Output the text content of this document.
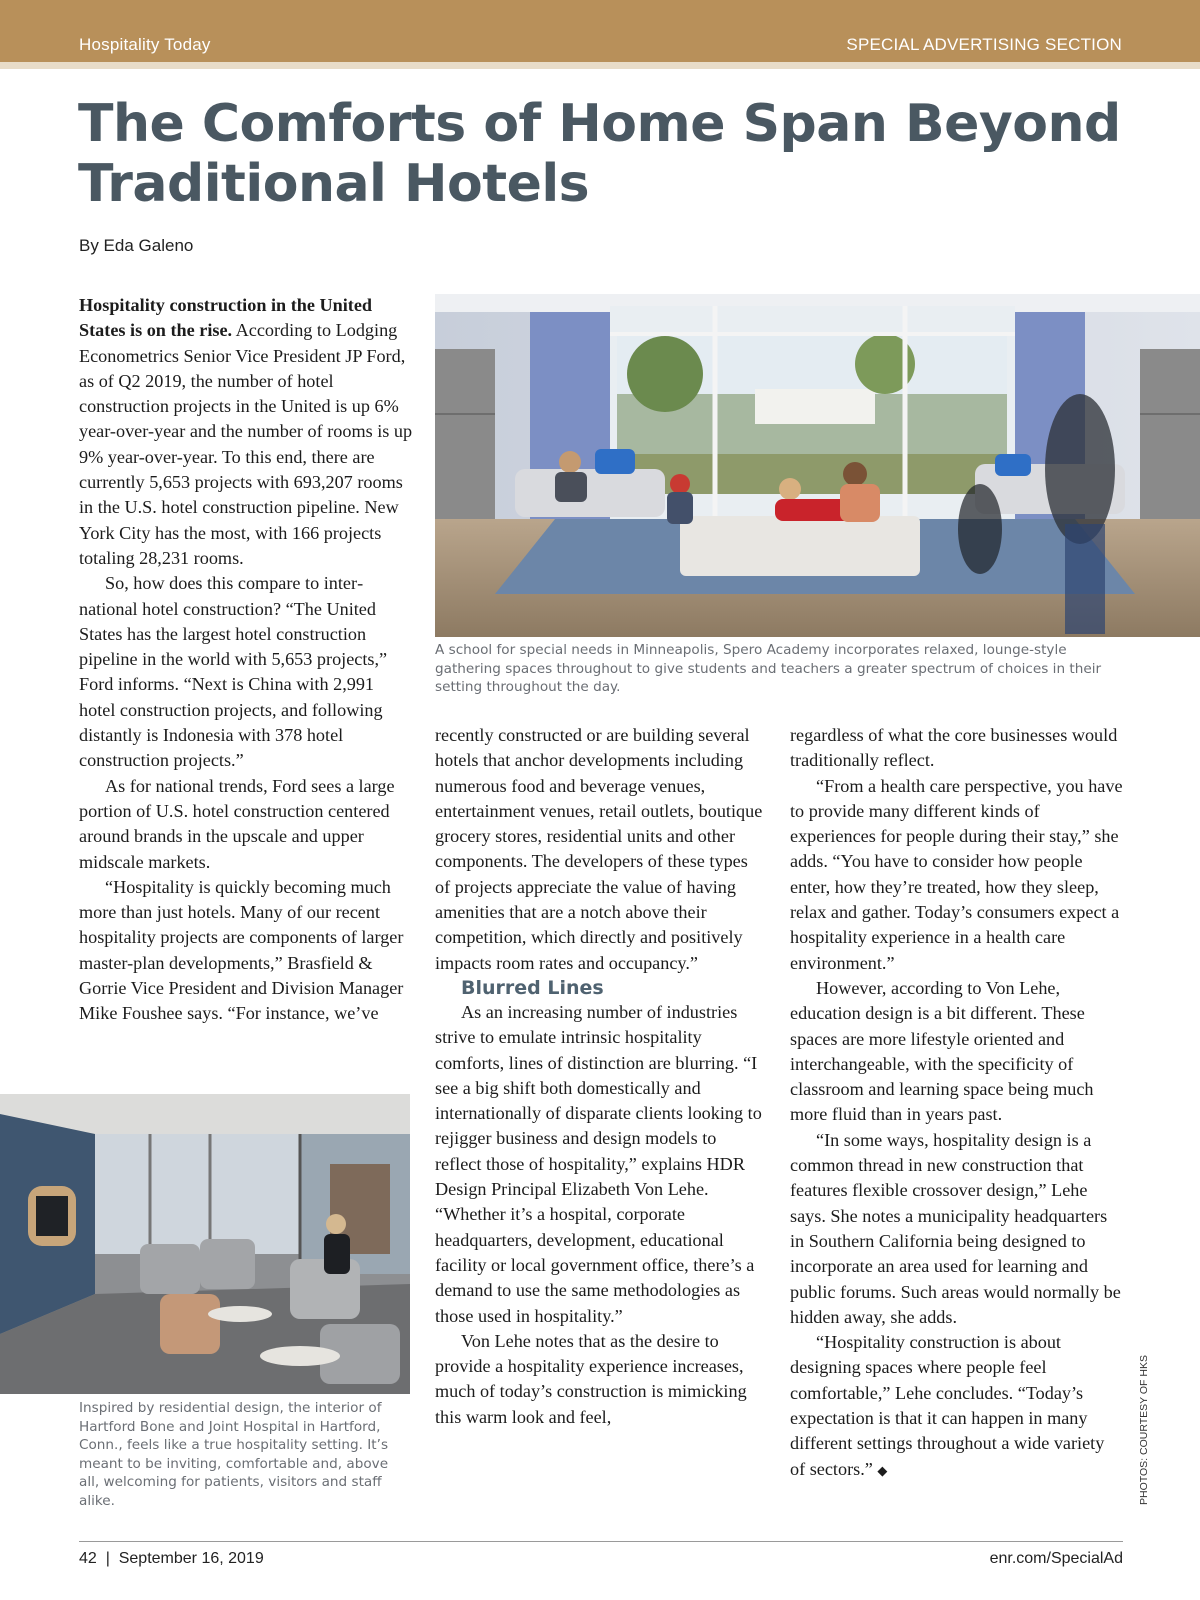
Hospitality Today	SPECIAL ADVERTISING SECTION
The Comforts of Home Span Beyond
Traditional Hotels
By Eda Galeno

Hospitality construction in the United States is on the rise. According to Lodging Econometrics Senior Vice President JP Ford, as of Q2 2019, the number of hotel construction projects in the United is up 6% year-over-year and the number of rooms is up 9% year-over-year. To this end, there are currently 5,653 projects with 693,207 rooms in the U.S. hotel construction pipeline. New York City has the most, with 166 projects totaling 28,231 rooms.

So, how does this compare to international hotel construction? “The United States has the largest hotel construction pipeline in the world with 5,653 projects,” Ford informs. “Next is China with 2,991 hotel construction projects, and following distantly is Indonesia with 378 hotel construction projects.”

As for national trends, Ford sees a large portion of U.S. hotel construction centered around brands in the upscale and upper midscale markets.

“Hospitality is quickly becoming much more than just hotels. Many of our recent hospitality projects are components of larger master-plan developments,” Brasfield & Gorrie Vice President and Division Manager Mike Foushee says. “For instance, we’ve

A school for special needs in Minneapolis, Spero Academy incorporates relaxed, lounge-style gathering spaces throughout to give students and teachers a greater spectrum of choices in their setting throughout the day.

recently constructed or are building several hotels that anchor developments including numerous food and beverage venues, entertainment venues, retail outlets, boutique grocery stores, residential units and other components. The developers of these types of projects appreciate the value of having amenities that are a notch above their competition, which directly and positively impacts room rates and occupancy.”

Blurred Lines

As an increasing number of industries strive to emulate intrinsic hospitality comforts, lines of distinction are blurring. “I see a big shift both domestically and internationally of disparate clients looking to rejigger business and design models to reflect those of hospitality,” explains HDR Design Principal Elizabeth Von Lehe. “Whether it’s a hospital, corporate headquarters, development, educational facility or local government office, there’s a demand to use the same methodologies as those used in hospitality.”

Von Lehe notes that as the desire to provide a hospitality experience increases, much of today’s construction is mimicking this warm look and feel,

regardless of what the core businesses would traditionally reflect.

“From a health care perspective, you have to provide many different kinds of experiences for people during their stay,” she adds. “You have to consider how people enter, how they’re treated, how they sleep, relax and gather. Today’s consumers expect a hospitality experience in a health care environment.”

However, according to Von Lehe, education design is a bit different. These spaces are more lifestyle oriented and interchangeable, with the specificity of classroom and learning space being much more fluid than in years past.

“In some ways, hospitality design is a common thread in new construction that features flexible crossover design,” Lehe says. She notes a municipality headquarters in Southern California being designed to incorporate an area used for learning and public forums. Such areas would normally be hidden away, she adds.

“Hospitality construction is about designing spaces where people feel comfortable,” Lehe concludes. “Today’s expectation is that it can happen in many different settings throughout a wide variety of sectors.” ◆

Inspired by residential design, the interior of Hartford Bone and Joint Hospital in Hartford, Conn., feels like a true hospitality setting. It’s meant to be inviting, comfortable and, above all, welcoming for patients, visitors and staff alike.	PHOTOS: COURTESY OF HKS
42  |  September 16, 2019	enr.com/SpecialAd
